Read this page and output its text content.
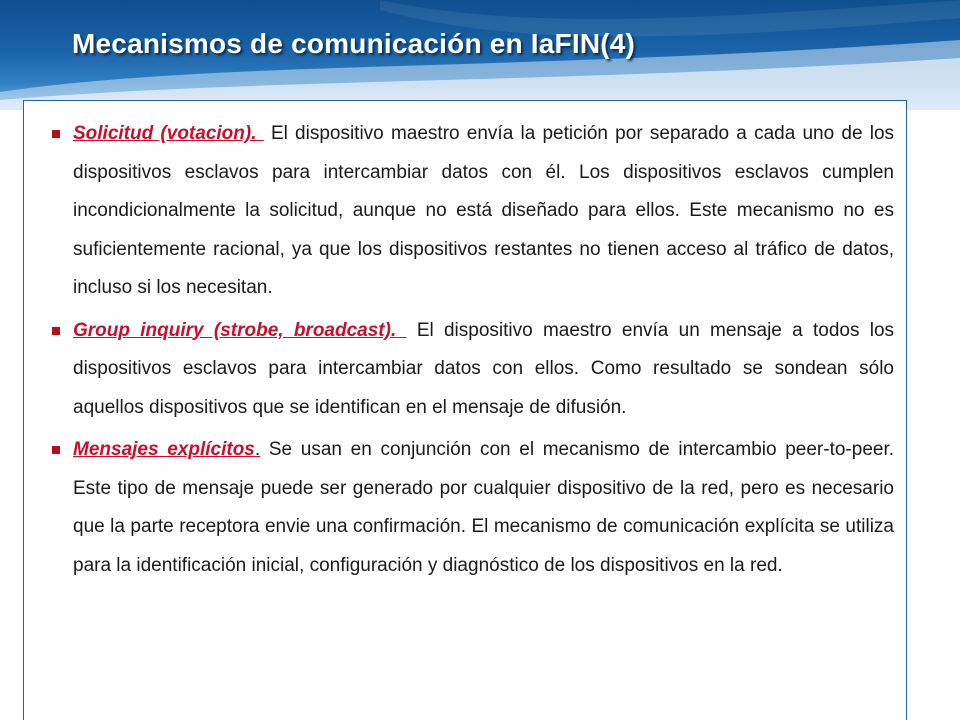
Mecanismos de comunicación en IaFIN(4)
Solicitud (votacion). El dispositivo maestro envía la petición por separado a cada uno de los dispositivos esclavos para intercambiar datos con él. Los dispositivos esclavos cumplen incondicionalmente la solicitud, aunque no está diseñado para ellos. Este mecanismo no es suficientemente racional, ya que los dispositivos restantes no tienen acceso al tráfico de datos, incluso si los necesitan.
Group inquiry (strobe, broadcast). El dispositivo maestro envía un mensaje a todos los dispositivos esclavos para intercambiar datos con ellos. Como resultado se sondean sólo aquellos dispositivos que se identifican en el mensaje de difusión.
Mensajes explícitos. Se usan en conjunción con el mecanismo de intercambio peer-to-peer. Este tipo de mensaje puede ser generado por cualquier dispositivo de la red, pero es necesario que la parte receptora envie una confirmación. El mecanismo de comunicación explícita se utiliza para la identificación inicial, configuración y diagnóstico de los dispositivos en la red.
